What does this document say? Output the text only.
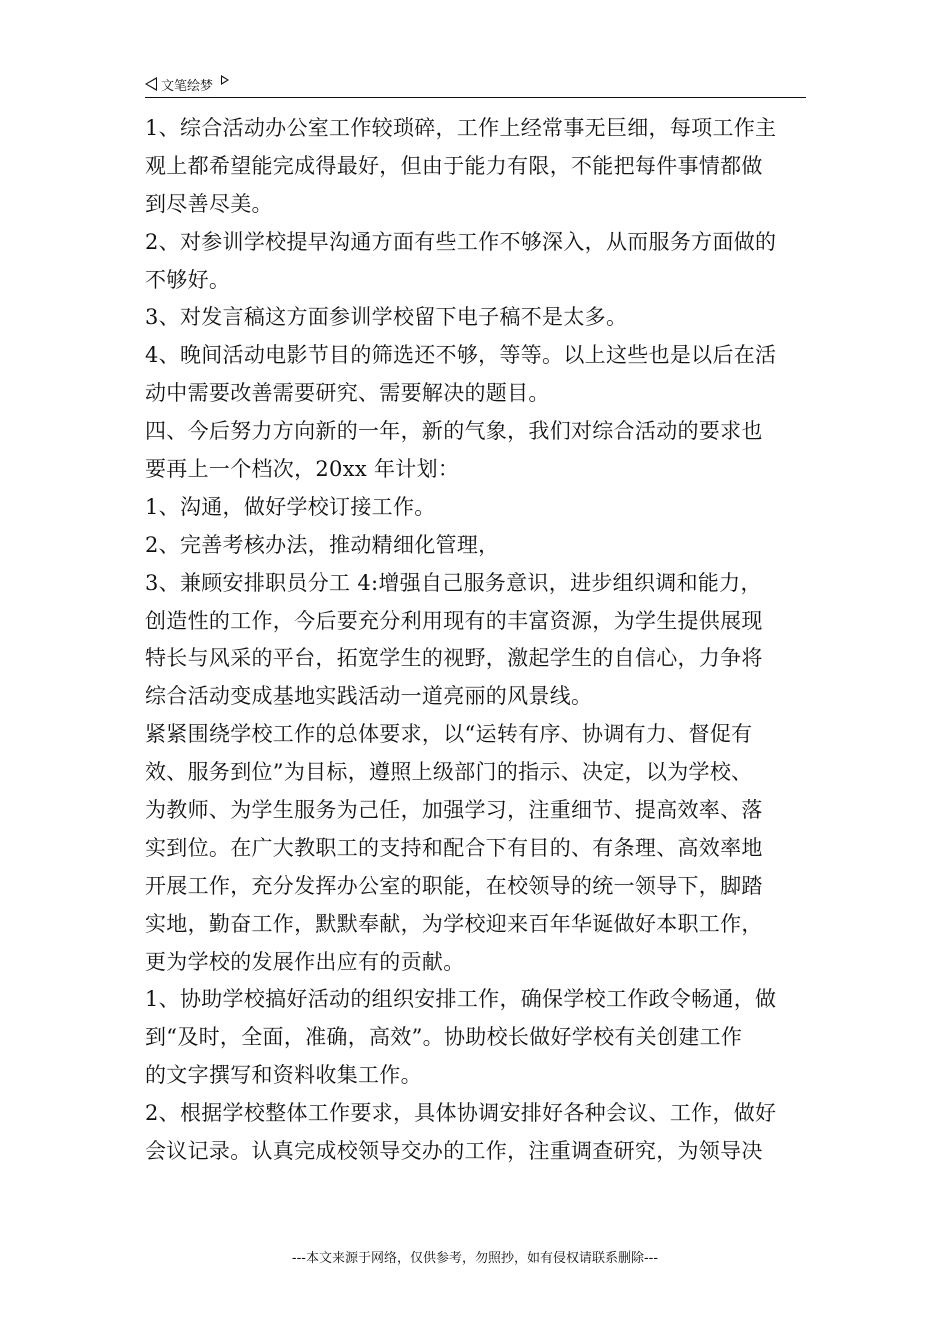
文笔绘梦
1、综合活动办公室工作较琐碎，工作上经常事无巨细，每项工作主
观上都希望能完成得最好，但由于能力有限，不能把每件事情都做
到尽善尽美。
2、对参训学校提早沟通方面有些工作不够深入，从而服务方面做的
不够好。
3、对发言稿这方面参训学校留下电子稿不是太多。
4、晚间活动电影节目的筛选还不够，等等。以上这些也是以后在活
动中需要改善需要研究、需要解决的题目。
四、今后努力方向新的一年，新的气象，我们对综合活动的要求也
要再上一个档次，20xx 年计划：
1、沟通，做好学校订接工作。
2、完善考核办法，推动精细化管理，
3、兼顾安排职员分工 4:增强自己服务意识，进步组织调和能力，
创造性的工作，今后要充分利用现有的丰富资源，为学生提供展现
特长与风采的平台，拓宽学生的视野，激起学生的自信心，力争将
综合活动变成基地实践活动一道亮丽的风景线。
紧紧围绕学校工作的总体要求，以“运转有序、协调有力、督促有
效、服务到位”为目标，遵照上级部门的指示、决定，以为学校、
为教师、为学生服务为己任，加强学习，注重细节、提高效率、落
实到位。在广大教职工的支持和配合下有目的、有条理、高效率地
开展工作，充分发挥办公室的职能，在校领导的统一领导下，脚踏
实地，勤奋工作，默默奉献，为学校迎来百年华诞做好本职工作，
更为学校的发展作出应有的贡献。
1、协助学校搞好活动的组织安排工作，确保学校工作政令畅通，做
到“及时，全面，准确，高效”。协助校长做好学校有关创建工作
的文字撰写和资料收集工作。
2、根据学校整体工作要求，具体协调安排好各种会议、工作，做好
会议记录。认真完成校领导交办的工作，注重调查研究，为领导决
---本文来源于网络，仅供参考，勿照抄，如有侵权请联系删除---
